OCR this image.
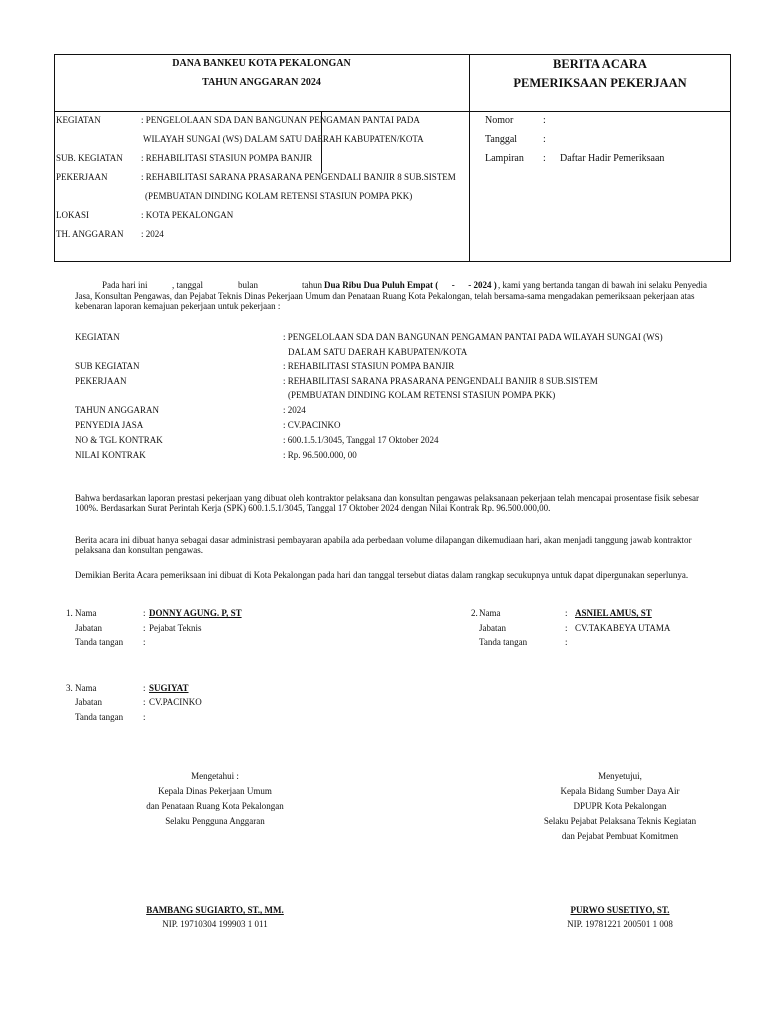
DANA BANKEU KOTA PEKALONGAN
TAHUN ANGGARAN 2024
BERITA ACARA
PEMERIKSAAN PEKERJAAN
KEGIATAN	: PENGELOLAAN SDA DAN BANGUNAN PENGAMAN PANTAI PADA
WILAYAH SUNGAI (WS) DALAM SATU DAERAH KABUPATEN/KOTA
SUB. KEGIATAN : REHABILITASI STASIUN POMPA BANJIR
PEKERJAAN	: REHABILITASI SARANA PRASARANA PENGENDALI BANJIR 8 SUB.SISTEM
(PEMBUATAN DINDING KOLAM RETENSI STASIUN POMPA PKK)
LOKASI	: KOTA PEKALONGAN
TH. ANGGARAN : 2024
Nomor	:
Tanggal	:
Lampiran : Daftar Hadir Pemeriksaan
Pada hari ini	, tanggal	bulan	tahun Dua Ribu Dua Puluh Empat (      -      - 2024 ) , kami yang bertanda tangan di bawah ini selaku Penyedia
Jasa, Konsultan Pengawas, dan Pejabat Teknis Dinas Pekerjaan Umum dan Penataan Ruang Kota Pekalongan, telah bersama-sama mengadakan pemeriksaan pekerjaan atas
kebenaran laporan kemajuan pekerjaan untuk pekerjaan :
KEGIATAN	: PENGELOLAAN SDA DAN BANGUNAN PENGAMAN PANTAI PADA WILAYAH SUNGAI (WS)
DALAM SATU DAERAH KABUPATEN/KOTA
SUB KEGIATAN	: REHABILITASI STASIUN POMPA BANJIR
PEKERJAAN	: REHABILITASI SARANA PRASARANA PENGENDALI BANJIR 8 SUB.SISTEM
(PEMBUATAN DINDING KOLAM RETENSI STASIUN POMPA PKK)
TAHUN ANGGARAN	: 2024
PENYEDIA JASA	: CV.PACINKO
NO & TGL KONTRAK	: 600.1.5.1/3045, Tanggal 17 Oktober 2024
NILAI KONTRAK	: Rp. 96.500.000, 00
Bahwa berdasarkan laporan prestasi pekerjaan yang dibuat oleh kontraktor pelaksana dan konsultan pengawas pelaksanaan pekerjaan telah mencapai prosentase fisik sebesar
100%. Berdasarkan Surat Perintah Kerja (SPK) 600.1.5.1/3045, Tanggal 17 Oktober 2024 dengan Nilai Kontrak Rp. 96.500.000,00.
Berita acara ini dibuat hanya sebagai dasar administrasi pembayaran apabila ada perbedaan volume dilapangan dikemudiaan hari, akan menjadi tanggung jawab kontraktor
pelaksana dan konsultan pengawas.
Demikian Berita Acara pemeriksaan ini dibuat di Kota Pekalongan pada hari dan tanggal tersebut diatas dalam rangkap secukupnya untuk dapat dipergunakan seperlunya.
1. Nama	: DONNY AGUNG. P, ST
Jabatan	: Pejabat Teknis
Tanda tangan :
2. Nama	: ASNIEL AMUS, ST
Jabatan	: CV.TAKABEYA UTAMA
Tanda tangan	:
3. Nama	: SUGIYAT
Jabatan	: CV.PACINKO
Tanda tangan :
Mengetahui :
Kepala Dinas Pekerjaan Umum
dan Penataan Ruang Kota Pekalongan
Selaku Pengguna Anggaran
BAMBANG SUGIARTO, ST., MM.
NIP. 19710304 199903 1 011
Menyetujui,
Kepala Bidang Sumber Daya Air
DPUPR Kota Pekalongan
Selaku Pejabat Pelaksana Teknis Kegiatan
dan Pejabat Pembuat Komitmen
PURWO SUSETIYO, ST.
NIP. 19781221 200501 1 008
